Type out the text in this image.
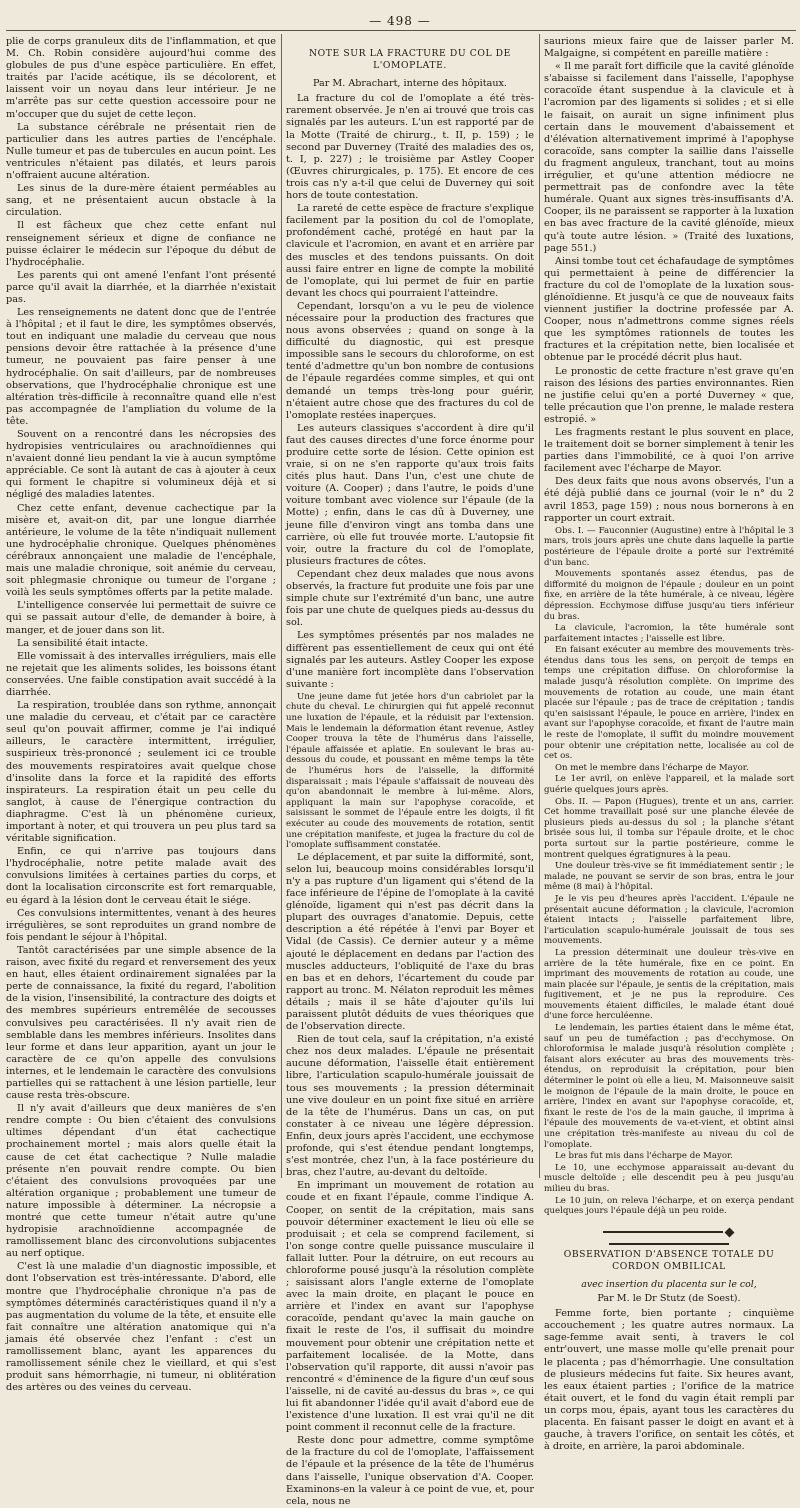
— 498 —

plie de corps granuleux dits de l'inflammation, et que M. Ch. Robin considère aujourd'hui comme des globules de pus d'une espèce particulière. En effet, traités par l'acide acétique, ils se décolorent, et laissent voir un noyau dans leur intérieur. Je ne m'arrête pas sur cette question accessoire pour ne m'occuper que du sujet de cette leçon.

La substance cérébrale ne présentait rien de particulier dans les autres parties de l'encéphale. Nulle tumeur et pas de tubercules en aucun point. Les ventricules n'étaient pas dilatés, et leurs parois n'offraient aucune altération.

Les sinus de la dure-mère étaient perméables au sang, et ne présentaient aucun obstacle à la circulation.

Il est fâcheux que chez cette enfant nul renseignement sérieux et digne de confiance ne puisse éclairer le médecin sur l'époque du début de l'hydrocéphalie.

Les parents qui ont amené l'enfant l'ont présenté parce qu'il avait la diarrhée, et la diarrhée n'existait pas.

Les renseignements ne datent donc que de l'entrée à l'hôpital ; et il faut le dire, les symptômes observés, tout en indiquant une maladie du cerveau que nous pensions devoir être rattachée à la présence d'une tumeur, ne pouvaient pas faire penser à une hydrocéphalie. On sait d'ailleurs, par de nombreuses observations, que l'hydrocéphalie chronique est une altération très-difficile à reconnaître quand elle n'est pas accompagnée de l'ampliation du volume de la tête.

Souvent on a rencontré dans les nécropsies des hydropisies ventriculaires ou arachnoïdiennes qui n'avaient donné lieu pendant la vie à aucun symptôme appréciable. Ce sont là autant de cas à ajouter à ceux qui forment le chapitre si volumineux déjà et si négligé des maladies latentes.

Chez cette enfant, devenue cachectique par la misère et, avait-on dit, par une longue diarrhée antérieure, le volume de la tête n'indiquait nullement une hydrocéphalie chronique. Quelques phénomènes cérébraux annonçaient une maladie de l'encéphale, mais une maladie chronique, soit anémie du cerveau, soit phlegmasie chronique ou tumeur de l'organe ; voilà les seuls symptômes offerts par la petite malade.

L'intelligence conservée lui permettait de suivre ce qui se passait autour d'elle, de demander à boire, à manger, et de jouer dans son lit.

La sensibilité était intacte.

Elle vomissait à des intervalles irréguliers, mais elle ne rejetait que les aliments solides, les boissons étant conservées. Une faible constipation avait succédé à la diarrhée.

La respiration, troublée dans son rythme, annonçait une maladie du cerveau, et c'était par ce caractère seul qu'on pouvait affirmer, comme je l'ai indiqué ailleurs, le caractère intermittent, irrégulier, suspirieux très-prononcé ; seulement ici ce trouble des mouvements respiratoires avait quelque chose d'insolite dans la force et la rapidité des efforts inspirateurs. La respiration était un peu celle du sanglot, à cause de l'énergique contraction du diaphragme. C'est là un phénomène curieux, important à noter, et qui trouvera un peu plus tard sa véritable signification.

Enfin, ce qui n'arrive pas toujours dans l'hydrocéphalie, notre petite malade avait des convulsions limitées à certaines parties du corps, et dont la localisation circonscrite est fort remarquable, eu égard à la lésion dont le cerveau était le siége.

Ces convulsions intermittentes, venant à des heures irrégulières, se sont reproduites un grand nombre de fois pendant le séjour à l'hôpital.

Tantôt caractérisées par une simple absence de la raison, avec fixité du regard et renversement des yeux en haut, elles étaient ordinairement signalées par la perte de connaissance, la fixité du regard, l'abolition de la vision, l'insensibilité, la contracture des doigts et des membres supérieurs entremêlée de secousses convulsives peu caractérisées. Il n'y avait rien de semblable dans les membres inférieurs. Insolites dans leur forme et dans leur apparition, ayant un jour le caractère de ce qu'on appelle des convulsions internes, et le lendemain le caractère des convulsions partielles qui se rattachent à une lésion partielle, leur cause resta très-obscure.

Il n'y avait d'ailleurs que deux manières de s'en rendre compte : Ou bien c'étaient des convulsions ultimes dépendant d'un état cachectique prochainement mortel ; mais alors quelle était la cause de cet état cachectique ? Nulle maladie présente n'en pouvait rendre compte. Ou bien c'étaient des convulsions provoquées par une altération organique ; probablement une tumeur de nature impossible à déterminer. La nécropsie a montré que cette tumeur n'était autre qu'une hydropisie arachnoïdienne accompagnée de ramollissement blanc des circonvolutions subjacentes au nerf optique.

C'est là une maladie d'un diagnostic impossible, et dont l'observation est très-intéressante. D'abord, elle montre que l'hydrocéphalie chronique n'a pas de symptômes déterminés caractéristiques quand il n'y a pas augmentation du volume de la tête, et ensuite elle fait connaître une altération anatomique qui n'a jamais été observée chez l'enfant : c'est un ramollissement blanc, ayant les apparences du ramollissement sénile chez le vieillard, et qui s'est produit sans hémorrhagie, ni tumeur, ni oblitération des artères ou des veines du cerveau.

NOTE SUR LA FRACTURE DU COL DE L'OMOPLATE.

Par M. Abrachart, interne des hôpitaux.

La fracture du col de l'omoplate a été très-rarement observée. Je n'en ai trouvé que trois cas signalés par les auteurs. L'un est rapporté par de la Motte (Traité de chirurg., t. II, p. 159) ; le second par Duverney (Traité des maladies des os, t. I, p. 227) ; le troisième par Astley Cooper (Œuvres chirurgicales, p. 175). Et encore de ces trois cas n'y a-t-il que celui de Duverney qui soit hors de toute contestation.

La rareté de cette espèce de fracture s'explique facilement par la position du col de l'omoplate, profondément caché, protégé en haut par la clavicule et l'acromion, en avant et en arrière par des muscles et des tendons puissants. On doit aussi faire entrer en ligne de compte la mobilité de l'omoplate, qui lui permet de fuir en partie devant les chocs qui pourraient l'atteindre.

Cependant, lorsqu'on a vu le peu de violence nécessaire pour la production des fractures que nous avons observées ; quand on songe à la difficulté du diagnostic, qui est presque impossible sans le secours du chloroforme, on est tenté d'admettre qu'un bon nombre de contusions de l'épaule regardées comme simples, et qui ont demandé un temps très-long pour guérir, n'étaient autre chose que des fractures du col de l'omoplate restées inaperçues.

Les auteurs classiques s'accordent à dire qu'il faut des causes directes d'une force énorme pour produire cette sorte de lésion. Cette opinion est vraie, si on ne s'en rapporte qu'aux trois faits cités plus haut. Dans l'un, c'est une chute de voiture (A. Cooper) ; dans l'autre, le poids d'une voiture tombant avec violence sur l'épaule (de la Motte) ; enfin, dans le cas dû à Duverney, une jeune fille d'environ vingt ans tomba dans une carrière, où elle fut trouvée morte. L'autopsie fit voir, outre la fracture du col de l'omoplate, plusieurs fractures de côtes.

Cependant chez deux malades que nous avons observés, la fracture fut produite une fois par une simple chute sur l'extrémité d'un banc, une autre fois par une chute de quelques pieds au-dessus du sol.

Les symptômes présentés par nos malades ne diffèrent pas essentiellement de ceux qui ont été signalés par les auteurs. Astley Cooper les expose d'une manière fort incomplète dans l'observation suivante :

Une jeune dame fut jetée hors d'un cabriolet par la chute du cheval. Le chirurgien qui fut appelé reconnut une luxation de l'épaule, et la réduisit par l'extension. Mais le lendemain la déformation étant revenue, Astley Cooper trouva la tête de l'humérus dans l'aisselle, l'épaule affaissée et aplatie. En soulevant le bras au-dessous du coude, et poussant en même temps la tête de l'humérus hors de l'aisselle, la difformité disparaissait ; mais l'épaule s'affaissait de nouveau dès qu'on abandonnait le membre à lui-même. Alors, appliquant la main sur l'apophyse coracoïde, et saisissant le sommet de l'épaule entre les doigts, il fit exécuter au coude des mouvements de rotation, sentit une crépitation manifeste, et jugea la fracture du col de l'omoplate suffisamment constatée.

Le déplacement, et par suite la difformité, sont, selon lui, beaucoup moins considérables lorsqu'il n'y a pas rupture d'un ligament qui s'étend de la face inférieure de l'épine de l'omoplate à la cavité glénoïde, ligament qui n'est pas décrit dans la plupart des ouvrages d'anatomie. Depuis, cette description a été répétée à l'envi par Boyer et Vidal (de Cassis). Ce dernier auteur y a même ajouté le déplacement en dedans par l'action des muscles adducteurs, l'obliquité de l'axe du bras en bas et en dehors, l'écartement du coude par rapport au tronc. M. Nélaton reproduit les mêmes détails ; mais il se hâte d'ajouter qu'ils lui paraissent plutôt déduits de vues théoriques que de l'observation directe.

Rien de tout cela, sauf la crépitation, n'a existé chez nos deux malades. L'épaule ne présentait aucune déformation, l'aisselle était entièrement libre, l'articulation scapulo-humérale jouissait de tous ses mouvements ; la pression déterminait une vive douleur en un point fixe situé en arrière de la tête de l'humérus. Dans un cas, on put constater à ce niveau une légère dépression. Enfin, deux jours après l'accident, une ecchymose profonde, qui s'est étendue pendant longtemps, s'est montrée, chez l'un, à la face postérieure du bras, chez l'autre, au-devant du deltoïde.

En imprimant un mouvement de rotation au coude et en fixant l'épaule, comme l'indique A. Cooper, on sentit de la crépitation, mais sans pouvoir déterminer exactement le lieu où elle se produisait ; et cela se comprend facilement, si l'on songe contre quelle puissance musculaire il fallait lutter. Pour la détruire, on eut recours au chloroforme pousé jusqu'à la résolution complète ; saisissant alors l'angle externe de l'omoplate avec la main droite, en plaçant le pouce en arrière et l'index en avant sur l'apophyse coracoïde, pendant qu'avec la main gauche on fixait le reste de l'os, il suffisait du moindre mouvement pour obtenir une crépitation nette et parfaitement localisée. de la Motte, dans l'observation qu'il rapporte, dit aussi n'avoir pas rencontré « d'éminence de la figure d'un œuf sous l'aisselle, ni de cavité au-dessus du bras », ce qui lui fit abandonner l'idée qu'il avait d'abord eue de l'existence d'une luxation. Il est vrai qu'il ne dit point comment il reconnut celle de la fracture.

Reste donc pour admettre, comme symptôme de la fracture du col de l'omoplate, l'affaissement de l'épaule et la présence de la tête de l'humérus dans l'aisselle, l'unique observation d'A. Cooper. Examinons-en la valeur à ce point de vue, et, pour cela, nous ne

saurions mieux faire que de laisser parler M. Malgaigne, si compétent en pareille matière :

« Il me paraît fort difficile que la cavité glénoïde s'abaisse si facilement dans l'aisselle, l'apophyse coracoïde étant suspendue à la clavicule et à l'acromion par des ligaments si solides ; et si elle le faisait, on aurait un signe infiniment plus certain dans le mouvement d'abaissement et d'élévation alternativement imprimé à l'apophyse coracoïde, sans compter la saillie dans l'aisselle du fragment anguleux, tranchant, tout au moins irrégulier, et qu'une attention médiocre ne permettrait pas de confondre avec la tête humérale. Quant aux signes très-insuffisants d'A. Cooper, ils ne paraissent se rapporter à la luxation en bas avec fracture de la cavité glénoïde, mieux qu'à toute autre lésion. » (Traité des luxations, page 551.)

Ainsi tombe tout cet échafaudage de symptômes qui permettaient à peine de différencier la fracture du col de l'omoplate de la luxation sous-glénoïdienne. Et jusqu'à ce que de nouveaux faits viennent justifier la doctrine professée par A. Cooper, nous n'admettrons comme signes réels que les symptômes rationnels de toutes les fractures et la crépitation nette, bien localisée et obtenue par le procédé décrit plus haut.

Le pronostic de cette fracture n'est grave qu'en raison des lésions des parties environnantes. Rien ne justifie celui qu'en a porté Duverney « que, telle précaution que l'on prenne, le malade restera estropié. »

Les fragments restant le plus souvent en place, le traitement doit se borner simplement à tenir les parties dans l'immobilité, ce à quoi l'on arrive facilement avec l'écharpe de Mayor.

Des deux faits que nous avons observés, l'un a été déjà publié dans ce journal (voir le n° du 2 avril 1853, page 159) ; nous nous bornerons à en rapporter un court extrait.

Obs. I. — Fauconnier (Augustine) entre à l'hôpital le 3 mars, trois jours après une chute dans laquelle la partie postérieure de l'épaule droite a porté sur l'extrémité d'un banc.

Mouvements spontanés assez étendus, pas de difformité du moignon de l'épaule ; douleur en un point fixe, en arrière de la tête humérale, à ce niveau, légère dépression. Ecchymose diffuse jusqu'au tiers inférieur du bras.

La clavicule, l'acromion, la tête humérale sont parfaitement intactes ; l'aisselle est libre.

En faisant exécuter au membre des mouvements très-étendus dans tous les sens, on perçoit de temps en temps une crépitation diffuse. On chloroformise la malade jusqu'à résolution complète. On imprime des mouvements de rotation au coude, une main étant placée sur l'épaule ; pas de trace de crépitation ; tandis qu'en saisissant l'épaule, le pouce en arrière, l'index en avant sur l'apophyse coracoïde, et fixant de l'autre main le reste de l'omoplate, il suffit du moindre mouvement pour obtenir une crépitation nette, localisée au col de cet os.

On met le membre dans l'écharpe de Mayor.

Le 1er avril, on enlève l'appareil, et la malade sort guérie quelques jours après.

Obs. II. — Papon (Hugues), trente et un ans, carrier. Cet homme travaillait posé sur une planche élevée de plusieurs pieds au-dessus du sol ; la planche s'étant brisée sous lui, il tomba sur l'épaule droite, et le choc porta surtout sur la partie postérieure, comme le montrent quelques égratignures à la peau.

Une douleur très-vive se fit immédiatement sentir ; le malade, ne pouvant se servir de son bras, entra le jour même (8 mai) à l'hôpital.

Je le vis peu d'heures après l'accident. L'épaule ne présentait aucune déformation ; la clavicule, l'acromion étaient intacts ; l'aisselle parfaitement libre, l'articulation scapulo-humérale jouissait de tous ses mouvements.

La pression déterminait une douleur très-vive en arrière de la tête humérale, fixe en ce point. En imprimant des mouvements de rotation au coude, une main placée sur l'épaule, je sentis de la crépitation, mais fugitivement, et je ne pus la reproduire. Ces mouvements étaient difficiles, le malade étant doué d'une force herculéenne.

Le lendemain, les parties étaient dans le même état, sauf un peu de tuméfaction ; pas d'ecchymose. On chloroformisa le malade jusqu'à résolution complète ; faisant alors exécuter au bras des mouvements très-étendus, on reproduisit la crépitation, pour bien déterminer le point où elle a lieu, M. Maisonneuve saisit le moignon de l'épaule de la main droite, le pouce en arrière, l'index en avant sur l'apophyse coracoïde, et, fixant le reste de l'os de la main gauche, il imprima à l'épaule des mouvements de va-et-vient, et obtint ainsi une crépitation très-manifeste au niveau du col de l'omoplate.

Le bras fut mis dans l'écharpe de Mayor.

Le 10, une ecchymose apparaissait au-devant du muscle deltoïde ; elle descendit peu à peu jusqu'au milieu du bras.

Le 10 juin, on releva l'écharpe, et on exerça pendant quelques jours l'épaule déjà un peu roide.

OBSERVATION D'ABSENCE TOTALE DU CORDON OMBILICAL

avec insertion du placenta sur le col,

Par M. le Dr Stutz (de Soest).

Femme forte, bien portante ; cinquième accouchement ; les quatre autres normaux. La sage-femme avait senti, à travers le col entr'ouvert, une masse molle qu'elle prenait pour le placenta ; pas d'hémorrhagie. Une consultation de plusieurs médecins fut faite. Six heures avant, les eaux étaient parties ; l'orifice de la matrice était ouvert, et le fond du vagin était rempli par un corps mou, épais, ayant tous les caractères du placenta. En faisant passer le doigt en avant et à gauche, à travers l'orifice, on sentait les côtés, et à droite, en arrière, la paroi abdominale.
